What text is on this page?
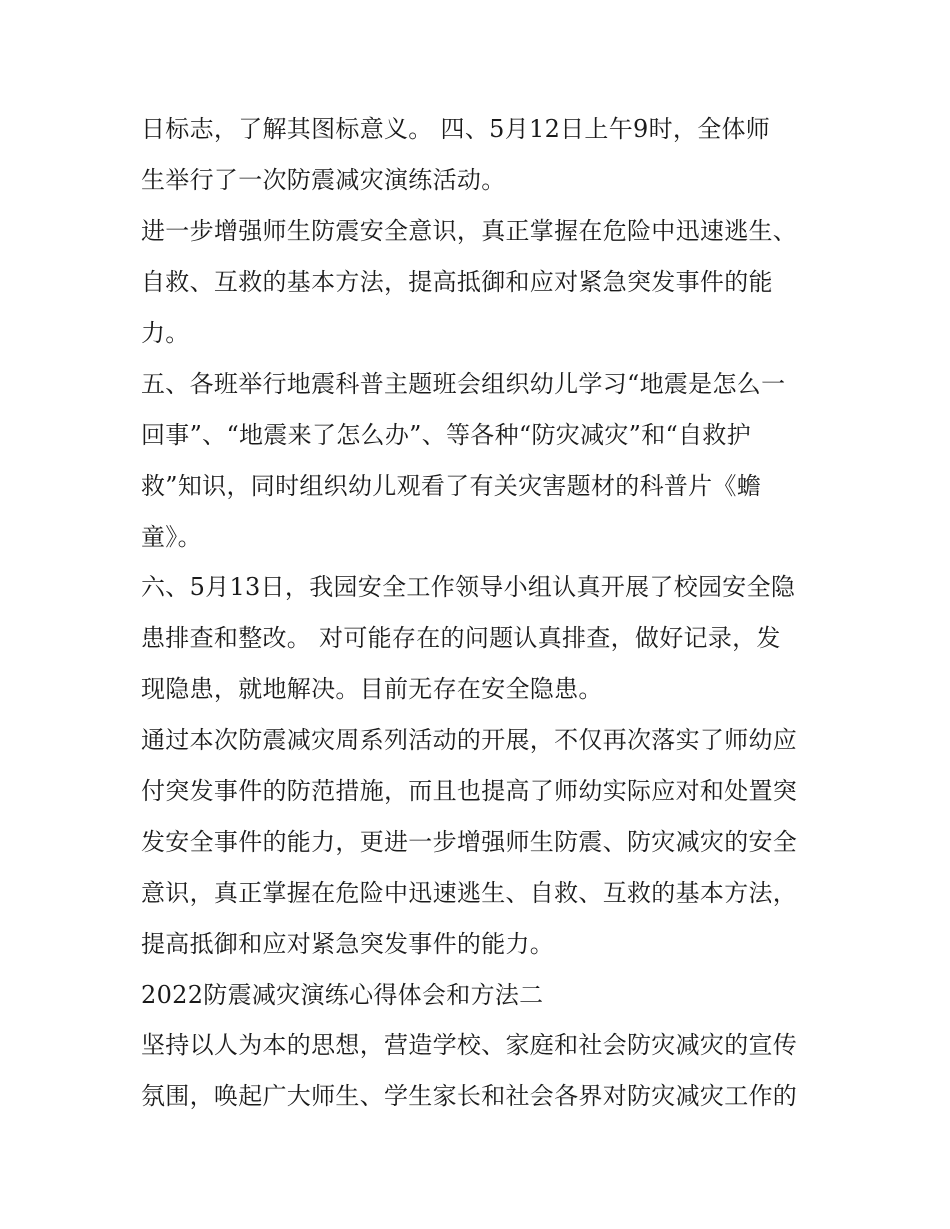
日标志，了解其图标意义。 四、5月12日上午9时，全体师
生举行了一次防震减灾演练活动。
进一步增强师生防震安全意识，真正掌握在危险中迅速逃生、
自救、互救的基本方法，提高抵御和应对紧急突发事件的能
力。
五、各班举行地震科普主题班会组织幼儿学习“地震是怎么一
回事”、“地震来了怎么办”、等各种“防灾减灾”和“自救护
救”知识，同时组织幼儿观看了有关灾害题材的科普片《蟾
童》。
六、5月13日，我园安全工作领导小组认真开展了校园安全隐
患排查和整改。 对可能存在的问题认真排查，做好记录，发
现隐患，就地解决。目前无存在安全隐患。
通过本次防震减灾周系列活动的开展，不仅再次落实了师幼应
付突发事件的防范措施，而且也提高了师幼实际应对和处置突
发安全事件的能力，更进一步增强师生防震、防灾减灾的安全
意识，真正掌握在危险中迅速逃生、自救、互救的基本方法，
提高抵御和应对紧急突发事件的能力。
2022防震减灾演练心得体会和方法二
坚持以人为本的思想，营造学校、家庭和社会防灾减灾的宣传
氛围，唤起广大师生、学生家长和社会各界对防灾减灾工作的
